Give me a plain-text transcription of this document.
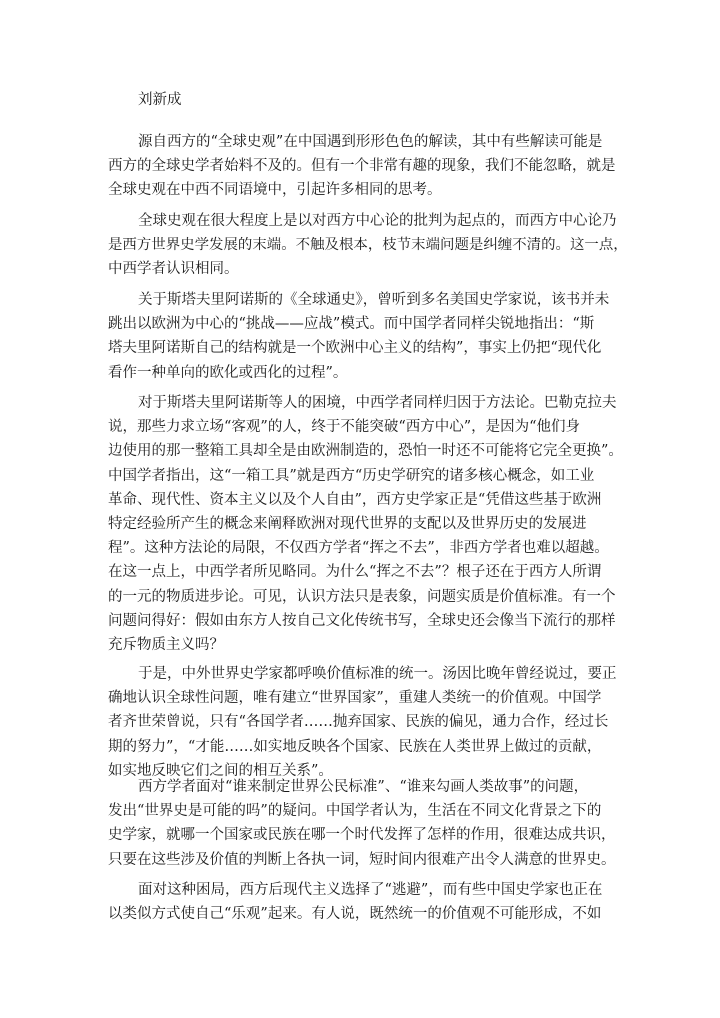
刘新成
源自西方的“全球史观”在中国遇到形形色色的解读，其中有些解读可能是
西方的全球史学者始料不及的。但有一个非常有趣的现象，我们不能忽略，就是
全球史观在中西不同语境中，引起许多相同的思考。
全球史观在很大程度上是以对西方中心论的批判为起点的，而西方中心论乃
是西方世界史学发展的末端。不触及根本，枝节末端问题是纠缠不清的。这一点，
中西学者认识相同。
关于斯塔夫里阿诺斯的《全球通史》，曾听到多名美国史学家说，该书并未
跳出以欧洲为中心的“挑战——应战”模式。而中国学者同样尖锐地指出：“斯
塔夫里阿诺斯自己的结构就是一个欧洲中心主义的结构”，事实上仍把“现代化
看作一种单向的欧化或西化的过程”。
对于斯塔夫里阿诺斯等人的困境，中西学者同样归因于方法论。巴勒克拉夫
说，那些力求立场“客观”的人，终于不能突破“西方中心”，是因为“他们身
边使用的那一整箱工具却全是由欧洲制造的，恐怕一时还不可能将它完全更换”。
中国学者指出，这“一箱工具”就是西方“历史学研究的诸多核心概念，如工业
革命、现代性、资本主义以及个人自由”，西方史学家正是“凭借这些基于欧洲
特定经验所产生的概念来阐释欧洲对现代世界的支配以及世界历史的发展进
程”。这种方法论的局限，不仅西方学者“挥之不去”，非西方学者也难以超越。
在这一点上，中西学者所见略同。为什么“挥之不去”？根子还在于西方人所谓
的一元的物质进步论。可见，认识方法只是表象，问题实质是价值标准。有一个
问题问得好：假如由东方人按自己文化传统书写，全球史还会像当下流行的那样
充斥物质主义吗？
于是，中外世界史学家都呼唤价值标准的统一。汤因比晚年曾经说过，要正
确地认识全球性问题，唯有建立“世界国家”，重建人类统一的价值观。中国学
者齐世荣曾说，只有“各国学者……抛弃国家、民族的偏见，通力合作，经过长
期的努力”，“才能……如实地反映各个国家、民族在人类世界上做过的贡献，
如实地反映它们之间的相互关系”。
西方学者面对“谁来制定世界公民标准”、“谁来勾画人类故事”的问题，
发出“世界史是可能的吗”的疑问。中国学者认为，生活在不同文化背景之下的
史学家，就哪一个国家或民族在哪一个时代发挥了怎样的作用，很难达成共识，
只要在这些涉及价值的判断上各执一词，短时间内很难产出令人满意的世界史。
面对这种困局，西方后现代主义选择了“逃避”，而有些中国史学家也正在
以类似方式使自己“乐观”起来。有人说，既然统一的价值观不可能形成，不如
